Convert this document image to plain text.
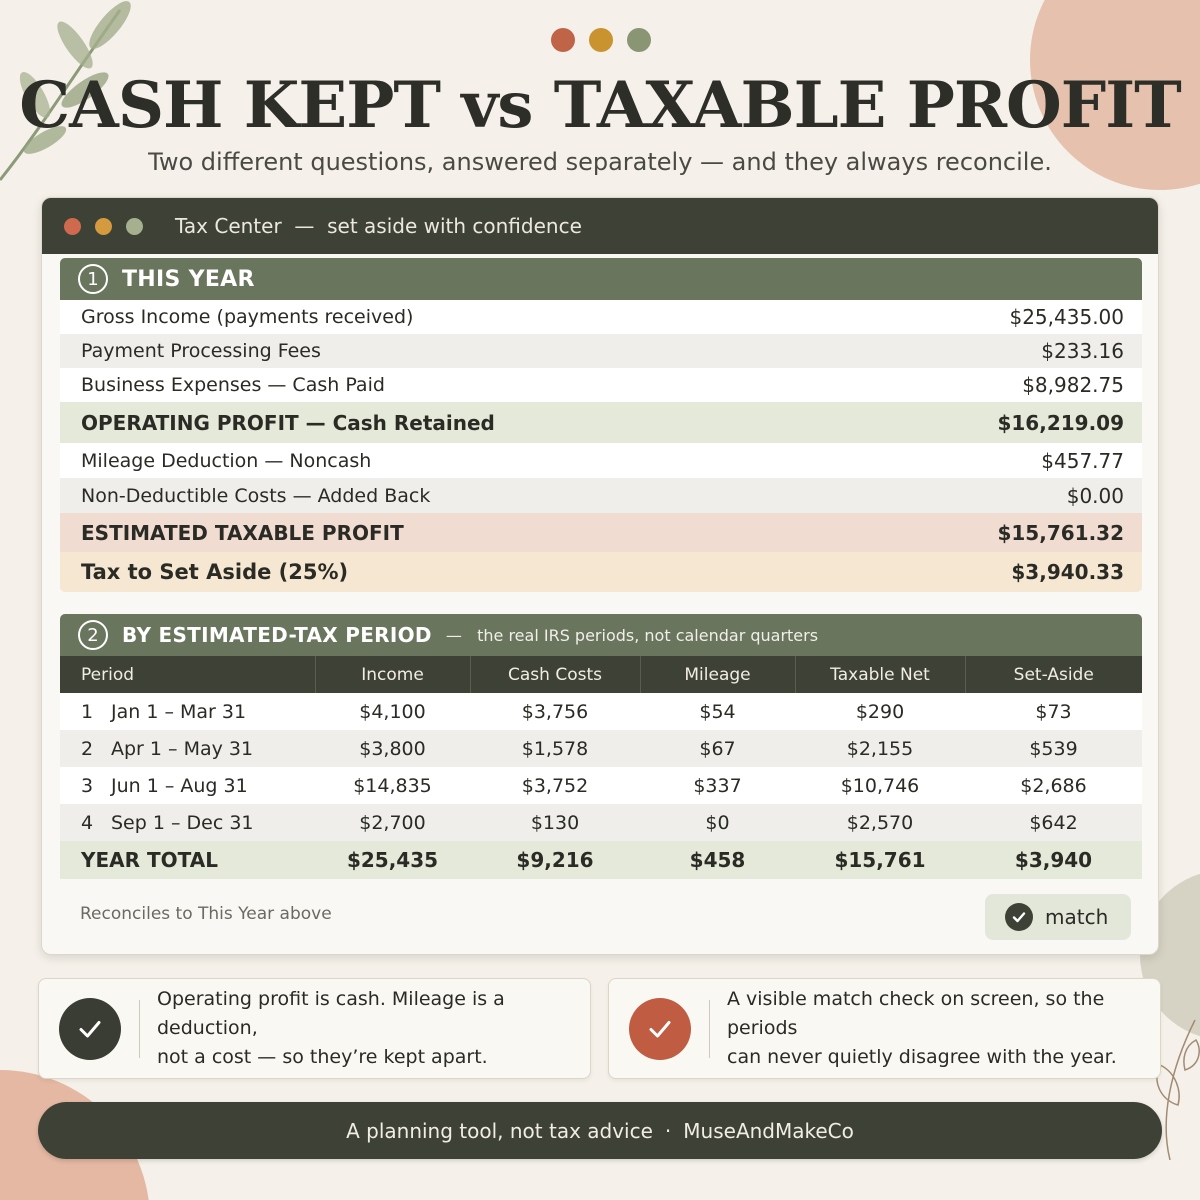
CASH KEPT vs TAXABLE PROFIT
Two different questions, answered separately — and they always reconcile.
Tax Center  —  set aside with confidence
1	THIS YEAR
Gross Income (payments received)	$25,435.00
Payment Processing Fees	$233.16
Business Expenses — Cash Paid	$8,982.75
OPERATING PROFIT — Cash Retained	$16,219.09
Mileage Deduction — Noncash	$457.77
Non-Deductible Costs — Added Back	$0.00
ESTIMATED TAXABLE PROFIT	$15,761.32
Tax to Set Aside (25%)	$3,940.33
2	BY ESTIMATED-TAX PERIOD —   the real IRS periods, not calendar quarters
Period	Income	Cash Costs	Mileage	Taxable Net	Set-Aside
1 Jan 1 – Mar 31	$4,100	$3,756	$54	$290	$73
2 Apr 1 – May 31	$3,800	$1,578	$67	$2,155	$539
3 Jun 1 – Aug 31	$14,835	$3,752	$337	$10,746	$2,686
4 Sep 1 – Dec 31	$2,700	$130	$0	$2,570	$642
YEAR TOTAL	$25,435	$9,216	$458	$15,761	$3,940
Reconciles to This Year above	match
Operating profit is cash. Mileage is a deduction,
not a cost — so they’re kept apart.
A visible match check on screen, so the periods
can never quietly disagree with the year.
A planning tool, not tax advice · MuseAndMakeCo
